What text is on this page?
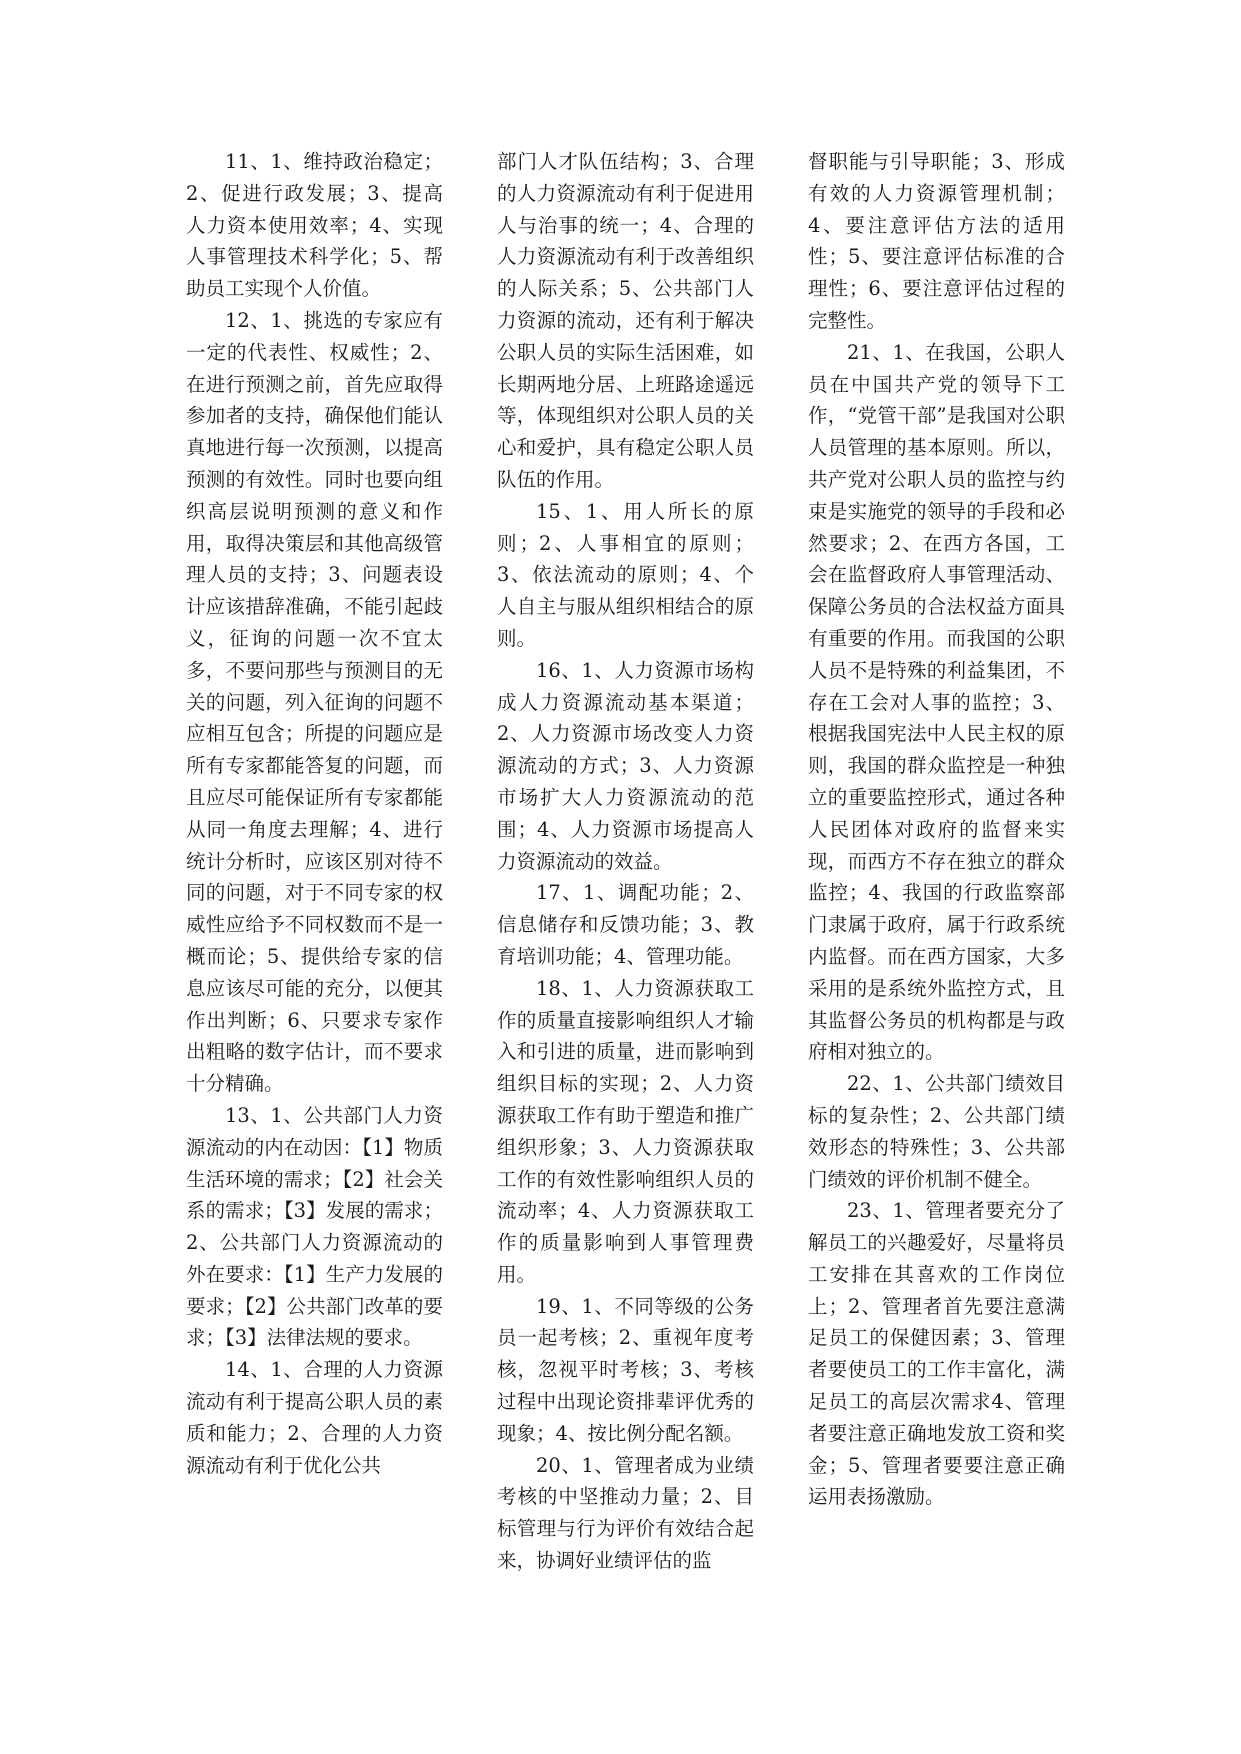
11、1、维持政治稳定；2、促进行政发展；3、提高人力资本使用效率；4、实现人事管理技术科学化；5、帮助员工实现个人价值。

12、1、挑选的专家应有一定的代表性、权威性；2、在进行预测之前，首先应取得参加者的支持，确保他们能认真地进行每一次预测，以提高预测的有效性。同时也要向组织高层说明预测的意义和作用，取得决策层和其他高级管理人员的支持；3、问题表设计应该措辞准确，不能引起歧义，征询的问题一次不宜太多，不要问那些与预测目的无关的问题，列入征询的问题不应相互包含；所提的问题应是所有专家都能答复的问题，而且应尽可能保证所有专家都能从同一角度去理解；4、进行统计分析时，应该区别对待不同的问题，对于不同专家的权威性应给予不同权数而不是一概而论；5、提供给专家的信息应该尽可能的充分，以便其作出判断；6、只要求专家作出粗略的数字估计，而不要求十分精确。

13、1、公共部门人力资源流动的内在动因：【1】物质生活环境的需求；【2】社会关系的需求；【3】发展的需求；2、公共部门人力资源流动的外在要求：【1】生产力发展的要求；【2】公共部门改革的要求；【3】法律法规的要求。

14、1、合理的人力资源流动有利于提高公职人员的素质和能力；2、合理的人力资源流动有利于优化公共

部门人才队伍结构；3、合理的人力资源流动有利于促进用人与治事的统一；4、合理的人力资源流动有利于改善组织的人际关系；5、公共部门人力资源的流动，还有利于解决公职人员的实际生活困难，如长期两地分居、上班路途遥远等，体现组织对公职人员的关心和爱护，具有稳定公职人员队伍的作用。

15、1、用人所长的原则；2、人事相宜的原则；3、依法流动的原则；4、个人自主与服从组织相结合的原则。

16、1、人力资源市场构成人力资源流动基本渠道；2、人力资源市场改变人力资源流动的方式；3、人力资源市场扩大人力资源流动的范围；4、人力资源市场提高人力资源流动的效益。

17、1、调配功能；2、信息储存和反馈功能；3、教育培训功能；4、管理功能。

18、1、人力资源获取工作的质量直接影响组织人才输入和引进的质量，进而影响到组织目标的实现；2、人力资源获取工作有助于塑造和推广组织形象；3、人力资源获取工作的有效性影响组织人员的流动率；4、人力资源获取工作的质量影响到人事管理费用。

19、1、不同等级的公务员一起考核；2、重视年度考核，忽视平时考核；3、考核过程中出现论资排辈评优秀的现象；4、按比例分配名额。

20、1、管理者成为业绩考核的中坚推动力量；2、目标管理与行为评价有效结合起来，协调好业绩评估的监

督职能与引导职能；3、形成有效的人力资源管理机制；4、要注意评估方法的适用性；5、要注意评估标准的合理性；6、要注意评估过程的完整性。

21、1、在我国，公职人员在中国共产党的领导下工作，“党管干部”是我国对公职人员管理的基本原则。所以，共产党对公职人员的监控与约束是实施党的领导的手段和必然要求；2、在西方各国，工会在监督政府人事管理活动、保障公务员的合法权益方面具有重要的作用。而我国的公职人员不是特殊的利益集团，不存在工会对人事的监控；3、根据我国宪法中人民主权的原则，我国的群众监控是一种独立的重要监控形式，通过各种人民团体对政府的监督来实现，而西方不存在独立的群众监控；4、我国的行政监察部门隶属于政府，属于行政系统内监督。而在西方国家，大多采用的是系统外监控方式，且其监督公务员的机构都是与政府相对独立的。

22、1、公共部门绩效目标的复杂性；2、公共部门绩效形态的特殊性；3、公共部门绩效的评价机制不健全。

23、1、管理者要充分了解员工的兴趣爱好，尽量将员工安排在其喜欢的工作岗位上；2、管理者首先要注意满足员工的保健因素；3、管理者要使员工的工作丰富化，满足员工的高层次需求4、管理者要注意正确地发放工资和奖金；5、管理者要要注意正确运用表扬激励。
